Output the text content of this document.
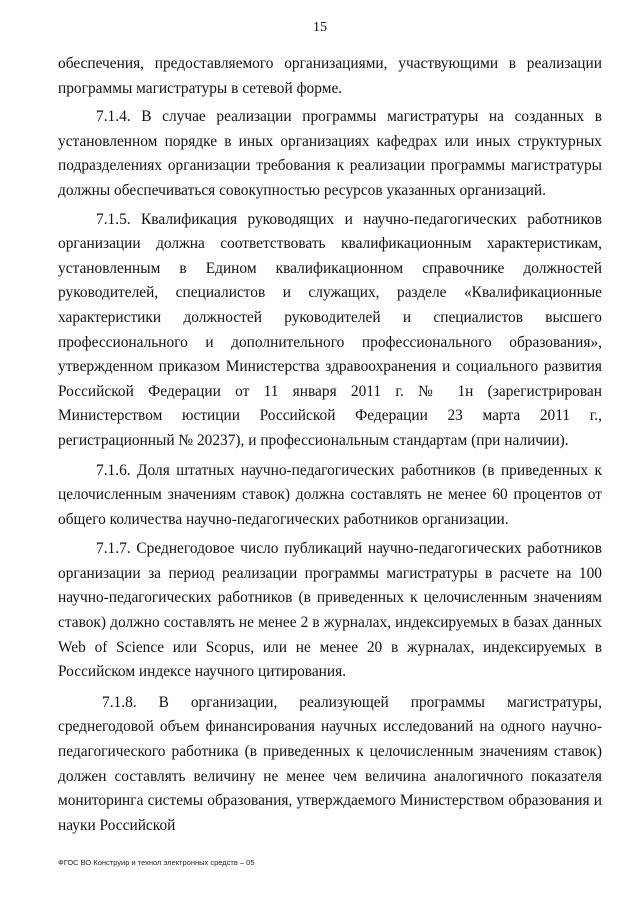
15

обеспечения, предоставляемого организациями, участвующими в реализации программы магистратуры в сетевой форме.

7.1.4. В случае реализации программы магистратуры на созданных в установленном порядке в иных организациях кафедрах или иных структурных подразделениях организации требования к реализации программы магистратуры должны обеспечиваться совокупностью ресурсов указанных организаций.

7.1.5. Квалификация руководящих и научно-педагогических работников организации должна соответствовать квалификационным характеристикам, установленным в Едином квалификационном справочнике должностей руководителей, специалистов и служащих, разделе «Квалификационные характеристики должностей руководителей и специалистов высшего профессионального и дополнительного профессионального образования», утвержденном приказом Министерства здравоохранения и социального развития Российской Федерации от 11 января 2011 г. № 1н (зарегистрирован Министерством юстиции Российской Федерации 23 марта 2011 г., регистрационный № 20237), и профессиональным стандартам (при наличии).

7.1.6. Доля штатных научно-педагогических работников (в приведенных к целочисленным значениям ставок) должна составлять не менее 60 процентов от общего количества научно-педагогических работников организации.

7.1.7. Среднегодовое число публикаций научно-педагогических работников организации за период реализации программы магистратуры в расчете на 100 научно-педагогических работников (в приведенных к целочисленным значениям ставок) должно составлять не менее 2 в журналах, индексируемых в базах данных Web of Science или Scopus, или не менее 20 в журналах, индексируемых в Российском индексе научного цитирования.

7.1.8. В организации, реализующей программы магистратуры, среднегодовой объем финансирования научных исследований на одного научно-педагогического работника (в приведенных к целочисленным значениям ставок) должен составлять величину не менее чем величина аналогичного показателя мониторинга системы образования, утверждаемого Министерством образования и науки Российской

ФГОС ВО Конструир и технол электронных средств – 05
